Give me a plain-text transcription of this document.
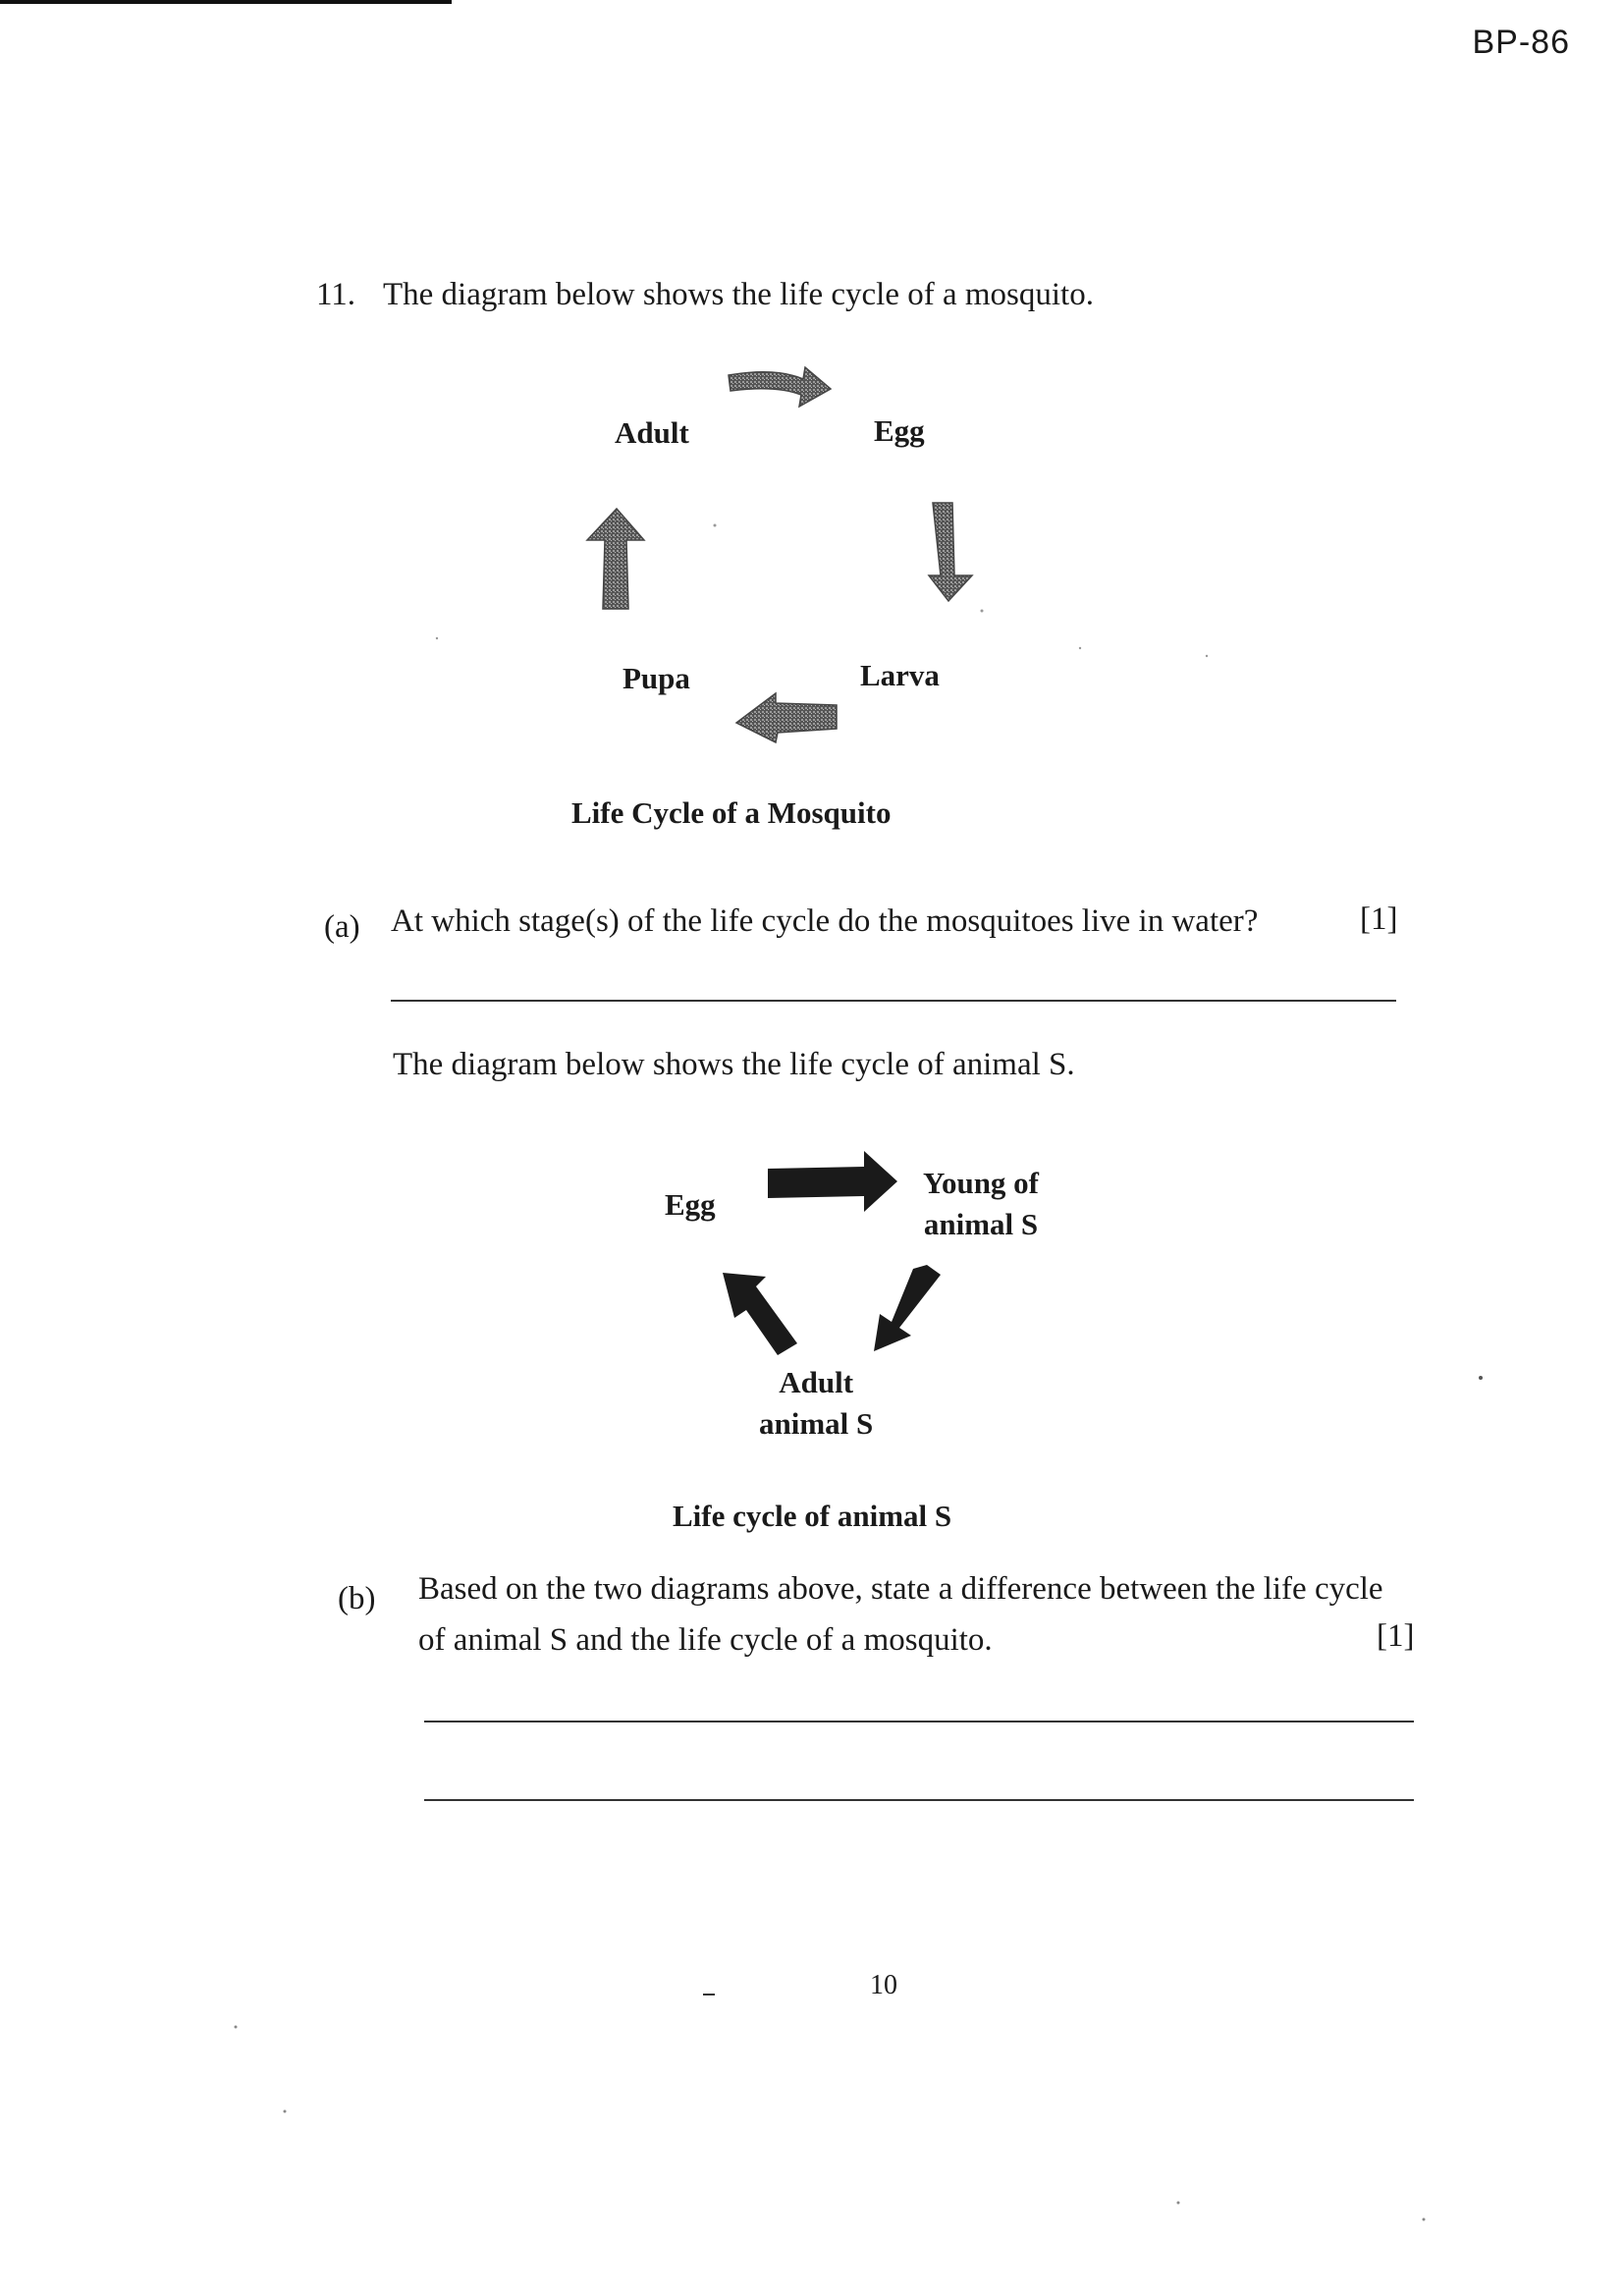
BP-86
11. The diagram below shows the life cycle of a mosquito.
Adult	Egg
Pupa	Larva
Life Cycle of a Mosquito
(a) At which stage(s) of the life cycle do the mosquitoes live in water?	[1]
The diagram below shows the life cycle of animal S.
Egg
Young of
animal S
Adult
animal S
Life cycle of animal S
(b) Based on the two diagrams above, state a difference between the life cycle
of animal S and the life cycle of a mosquito.	[1]
10
